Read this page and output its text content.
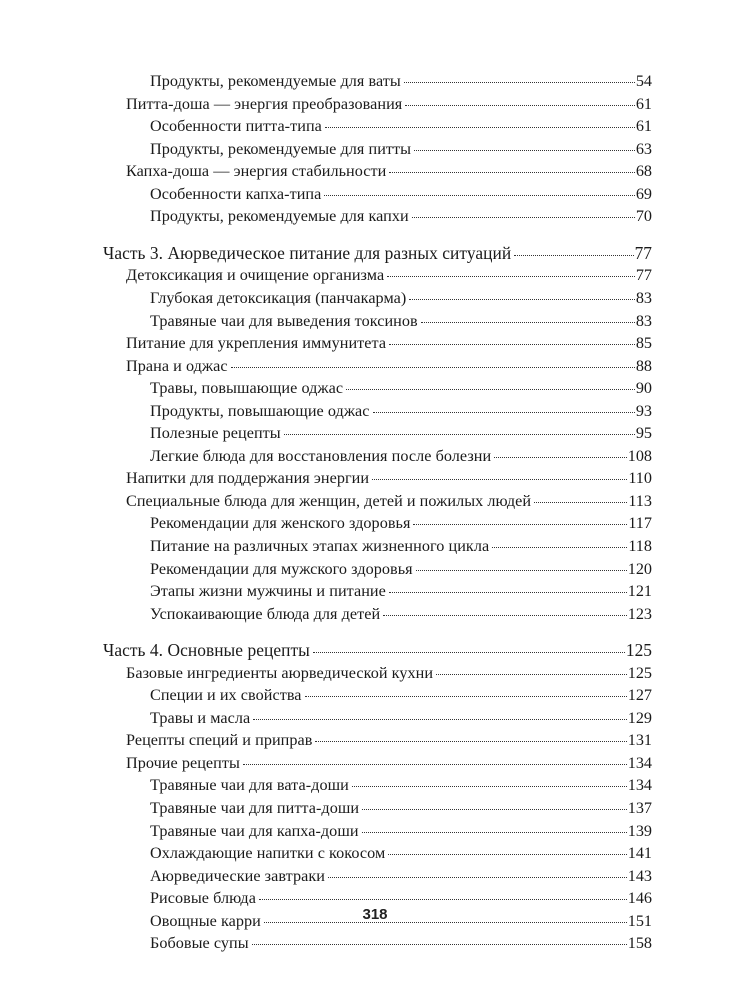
Продукты, рекомендуемые для ваты	54
Питта-доша — энергия преобразования	61
Особенности питта-типа	61
Продукты, рекомендуемые для питты	63
Капха-доша — энергия стабильности	68
Особенности капха-типа	69
Продукты, рекомендуемые для капхи	70
Часть 3. Аюрведическое питание для разных ситуаций	77
Детоксикация и очищение организма	77
Глубокая детоксикация (панчакарма)	83
Травяные чаи для выведения токсинов	83
Питание для укрепления иммунитета	85
Прана и оджас	88
Травы, повышающие оджас	90
Продукты, повышающие оджас	93
Полезные рецепты	95
Легкие блюда для восстановления после болезни	108
Напитки для поддержания энергии	110
Специальные блюда для женщин, детей и пожилых людей	113
Рекомендации для женского здоровья	117
Питание на различных этапах жизненного цикла	118
Рекомендации для мужского здоровья	120
Этапы жизни мужчины и питание	121
Успокаивающие блюда для детей	123
Часть 4. Основные рецепты	125
Базовые ингредиенты аюрведической кухни	125
Специи и их свойства	127
Травы и масла	129
Рецепты специй и приправ	131
Прочие рецепты	134
Травяные чаи для вата-доши	134
Травяные чаи для питта-доши	137
Травяные чаи для капха-доши	139
Охлаждающие напитки с кокосом	141
Аюрведические завтраки	143
Рисовые блюда	146
Овощные карри	151
Бобовые супы	158
318
